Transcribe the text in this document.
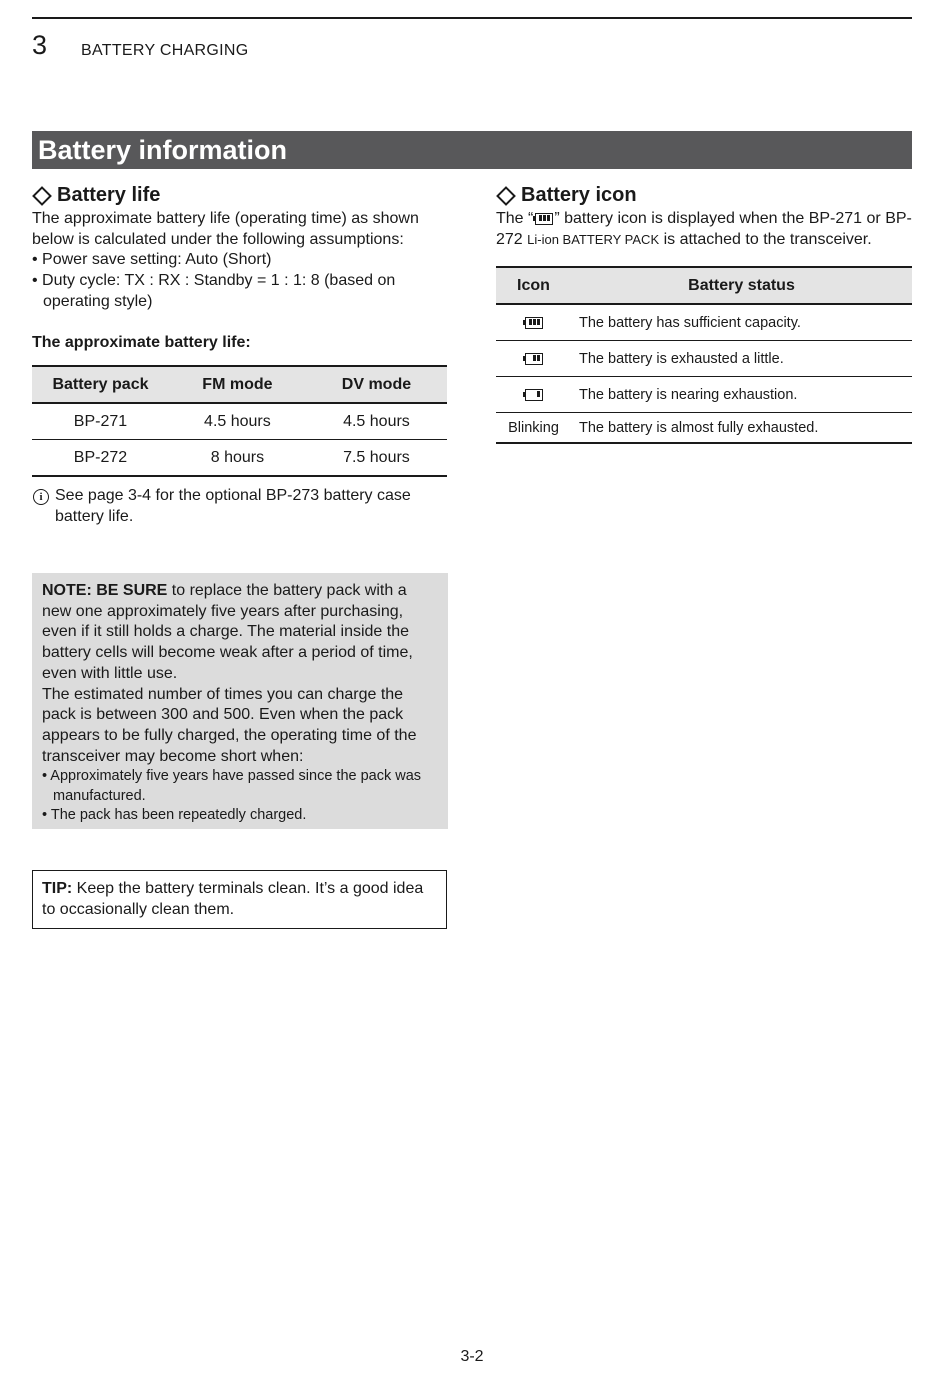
3 BATTERY CHARGING
Battery information
Battery life

The approximate battery life (operating time) as shown below is calculated under the following assumptions:

• Power save setting: Auto (Short)

• Duty cycle: TX : RX : Standby = 1 : 1: 8 (based on operating style)

The approximate battery life:

Battery pack	FM mode	DV mode
BP-271	4.5 hours	4.5 hours
BP-272	8 hours	7.5 hours
i See page 3-4 for the optional BP-273 battery case battery life.

NOTE: BE SURE to replace the battery pack with a new one approximately five years after purchasing, even if it still holds a charge. The material inside the battery cells will become weak after a period of time, even with little use.

The estimated number of times you can charge the pack is between 300 and 500. Even when the pack appears to be fully charged, the operating time of the transceiver may become short when:

• Approximately five years have passed since the pack was manufactured.

• The pack has been repeatedly charged.

TIP: Keep the battery terminals clean. It’s a good idea to occasionally clean them.

Battery icon

The “ ” battery icon is displayed when the BP-271 or BP-272 Li-ion BATTERY PACK is attached to the transceiver.

Icon	Battery status

	The battery has sufficient capacity.

	The battery is exhausted a little.

	The battery is nearing exhaustion.
Blinking	The battery is almost fully exhausted.
3-2
